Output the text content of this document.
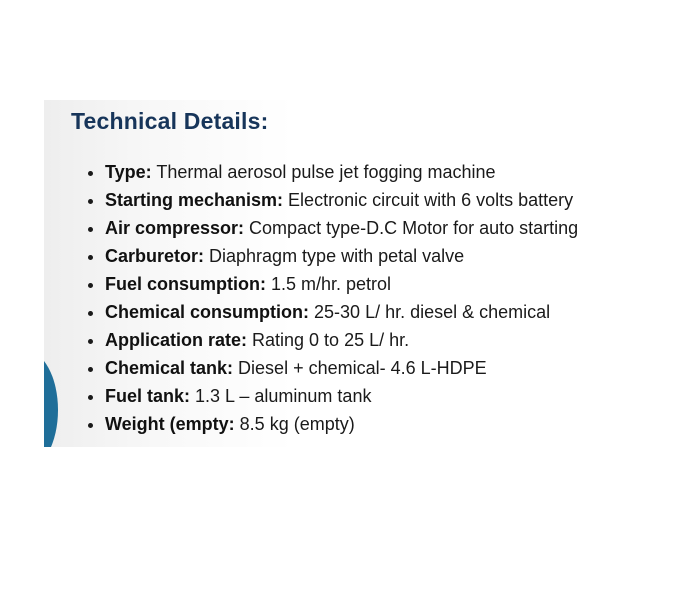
Technical Details:
• Type: Thermal aerosol pulse jet fogging machine
• Starting mechanism: Electronic circuit with 6 volts battery
• Air compressor: Compact type-D.C Motor for auto starting
• Carburetor: Diaphragm type with petal valve
• Fuel consumption: 1.5 m/hr. petrol
• Chemical consumption: 25-30 L/ hr. diesel & chemical
• Application rate: Rating 0 to 25 L/ hr.
• Chemical tank: Diesel + chemical- 4.6 L-HDPE
• Fuel tank: 1.3 L – aluminum tank
• Weight (empty: 8.5 kg (empty)
